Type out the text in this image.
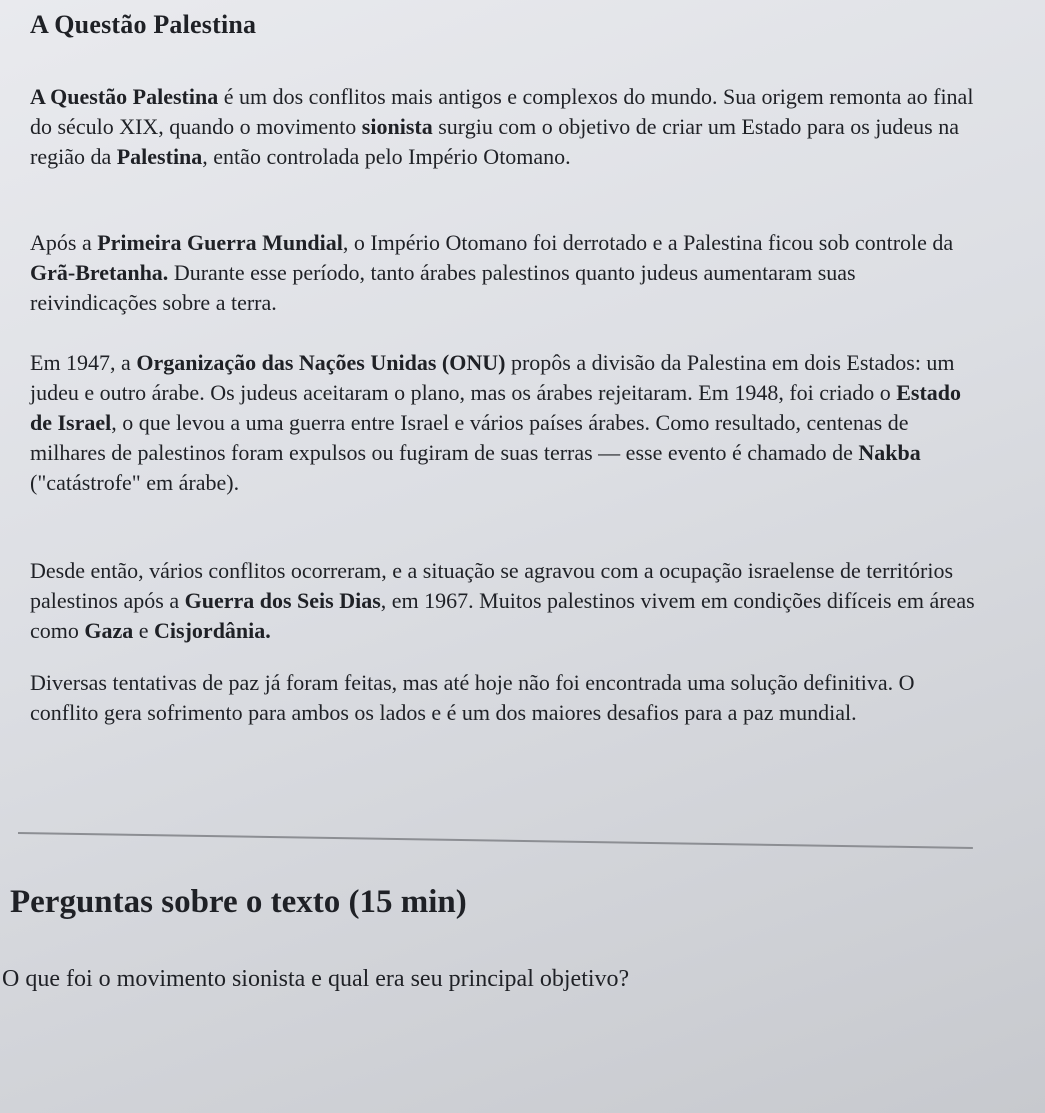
A Questão Palestina

A Questão Palestina é um dos conflitos mais antigos e complexos do mundo. Sua origem remonta ao final do século XIX, quando o movimento sionista surgiu com o objetivo de criar um Estado para os judeus na região da Palestina, então controlada pelo Império Otomano.

Após a Primeira Guerra Mundial, o Império Otomano foi derrotado e a Palestina ficou sob controle da Grã-Bretanha. Durante esse período, tanto árabes palestinos quanto judeus aumentaram suas reivindicações sobre a terra.

Em 1947, a Organização das Nações Unidas (ONU) propôs a divisão da Palestina em dois Estados: um judeu e outro árabe. Os judeus aceitaram o plano, mas os árabes rejeitaram. Em 1948, foi criado o Estado de Israel, o que levou a uma guerra entre Israel e vários países árabes. Como resultado, centenas de milhares de palestinos foram expulsos ou fugiram de suas terras — esse evento é chamado de Nakba ("catástrofe" em árabe).

Desde então, vários conflitos ocorreram, e a situação se agravou com a ocupação israelense de territórios palestinos após a Guerra dos Seis Dias, em 1967. Muitos palestinos vivem em condições difíceis em áreas como Gaza e Cisjordânia.

Diversas tentativas de paz já foram feitas, mas até hoje não foi encontrada uma solução definitiva. O conflito gera sofrimento para ambos os lados e é um dos maiores desafios para a paz mundial.

Perguntas sobre o texto (15 min)

O que foi o movimento sionista e qual era seu principal objetivo?
